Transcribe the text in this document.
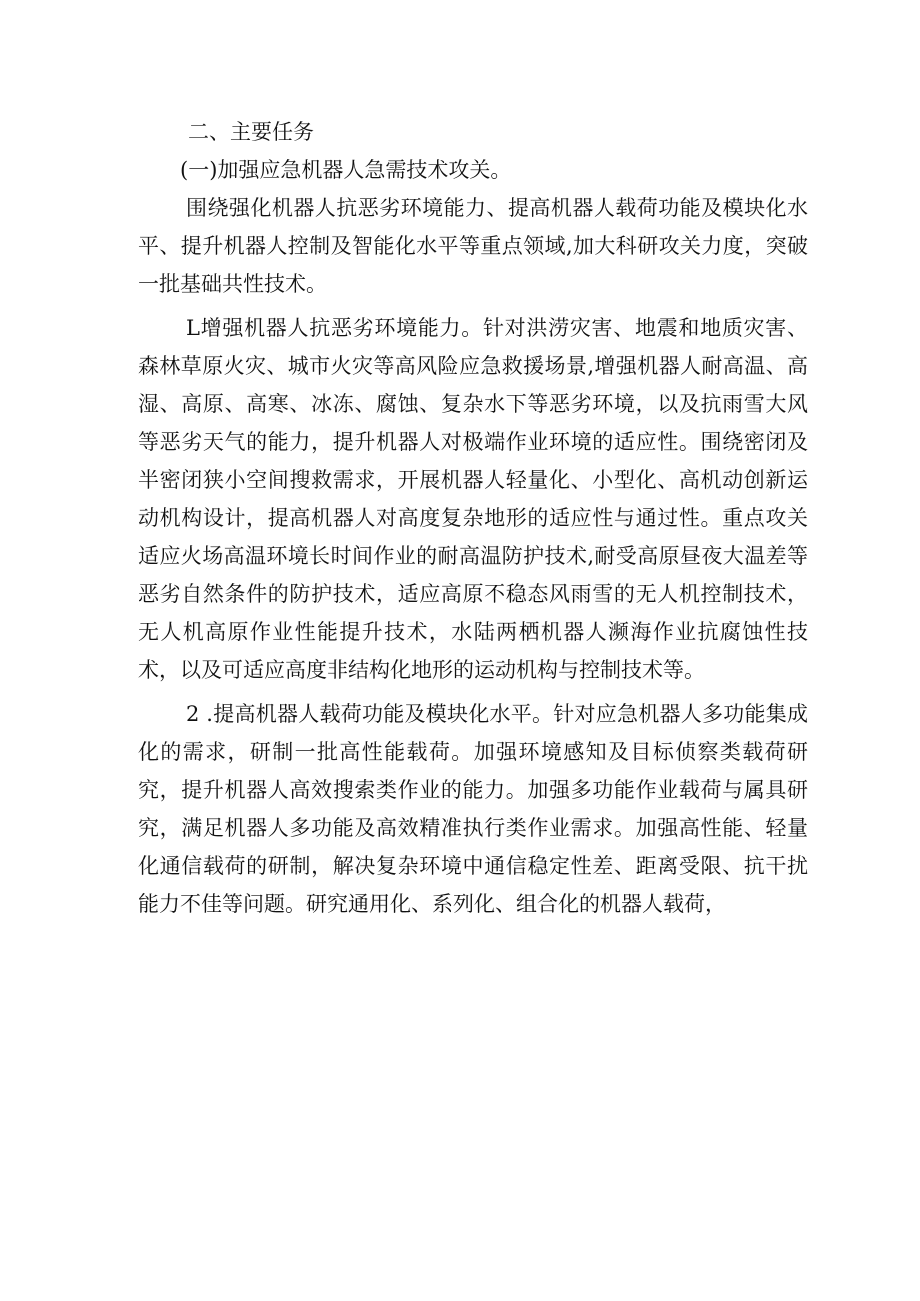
二、主要任务

(一)加强应急机器人急需技术攻关。

围绕强化机器人抗恶劣环境能力、提高机器人载荷功能及模块化水平、提升机器人控制及智能化水平等重点领域,加大科研攻关力度，突破一批基础共性技术。

L增强机器人抗恶劣环境能力。针对洪涝灾害、地震和地质灾害、森林草原火灾、城市火灾等高风险应急救援场景,增强机器人耐高温、高湿、高原、高寒、冰冻、腐蚀、复杂水下等恶劣环境，以及抗雨雪大风等恶劣天气的能力，提升机器人对极端作业环境的适应性。围绕密闭及半密闭狭小空间搜救需求，开展机器人轻量化、小型化、高机动创新运动机构设计，提高机器人对高度复杂地形的适应性与通过性。重点攻关适应火场高温环境长时间作业的耐高温防护技术,耐受高原昼夜大温差等恶劣自然条件的防护技术，适应高原不稳态风雨雪的无人机控制技术，无人机高原作业性能提升技术，水陆两栖机器人濒海作业抗腐蚀性技术，以及可适应高度非结构化地形的运动机构与控制技术等。

2 .提高机器人载荷功能及模块化水平。针对应急机器人多功能集成化的需求，研制一批高性能载荷。加强环境感知及目标侦察类载荷研究，提升机器人高效搜索类作业的能力。加强多功能作业载荷与属具研究，满足机器人多功能及高效精准执行类作业需求。加强高性能、轻量化通信载荷的研制，解决复杂环境中通信稳定性差、距离受限、抗干扰能力不佳等问题。研究通用化、系列化、组合化的机器人载荷，
